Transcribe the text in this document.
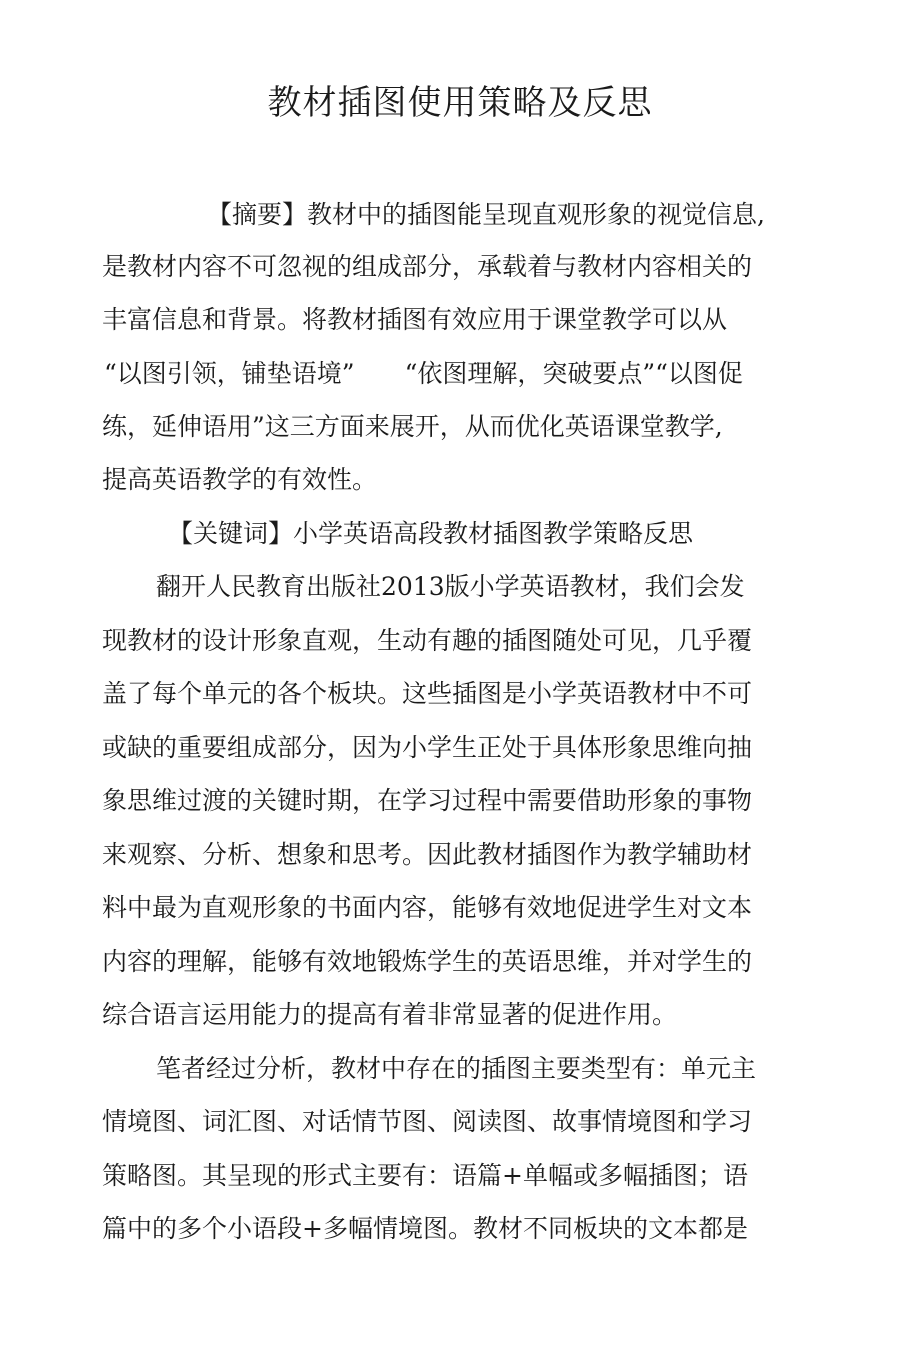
教材插图使用策略及反思

【摘要】教材中的插图能呈现直观形象的视觉信息,

是教材内容不可忽视的组成部分，承载着与教材内容相关的

丰富信息和背景。将教材插图有效应用于课堂教学可以从

“以图引领，铺垫语境”　　“依图理解，突破要点”“以图促

练，延伸语用”这三方面来展开，从而优化英语课堂教学,

提高英语教学的有效性。

【关键词】小学英语高段教材插图教学策略反思

翻开人民教育出版社2013版小学英语教材，我们会发

现教材的设计形象直观，生动有趣的插图随处可见，几乎覆

盖了每个单元的各个板块。这些插图是小学英语教材中不可

或缺的重要组成部分，因为小学生正处于具体形象思维向抽

象思维过渡的关键时期，在学习过程中需要借助形象的事物

来观察、分析、想象和思考。因此教材插图作为教学辅助材

料中最为直观形象的书面内容，能够有效地促进学生对文本

内容的理解，能够有效地锻炼学生的英语思维，并对学生的

综合语言运用能力的提高有着非常显著的促进作用。

笔者经过分析，教材中存在的插图主要类型有：单元主

情境图、词汇图、对话情节图、阅读图、故事情境图和学习

策略图。其呈现的形式主要有：语篇+单幅或多幅插图；语

篇中的多个小语段+多幅情境图。教材不同板块的文本都是
